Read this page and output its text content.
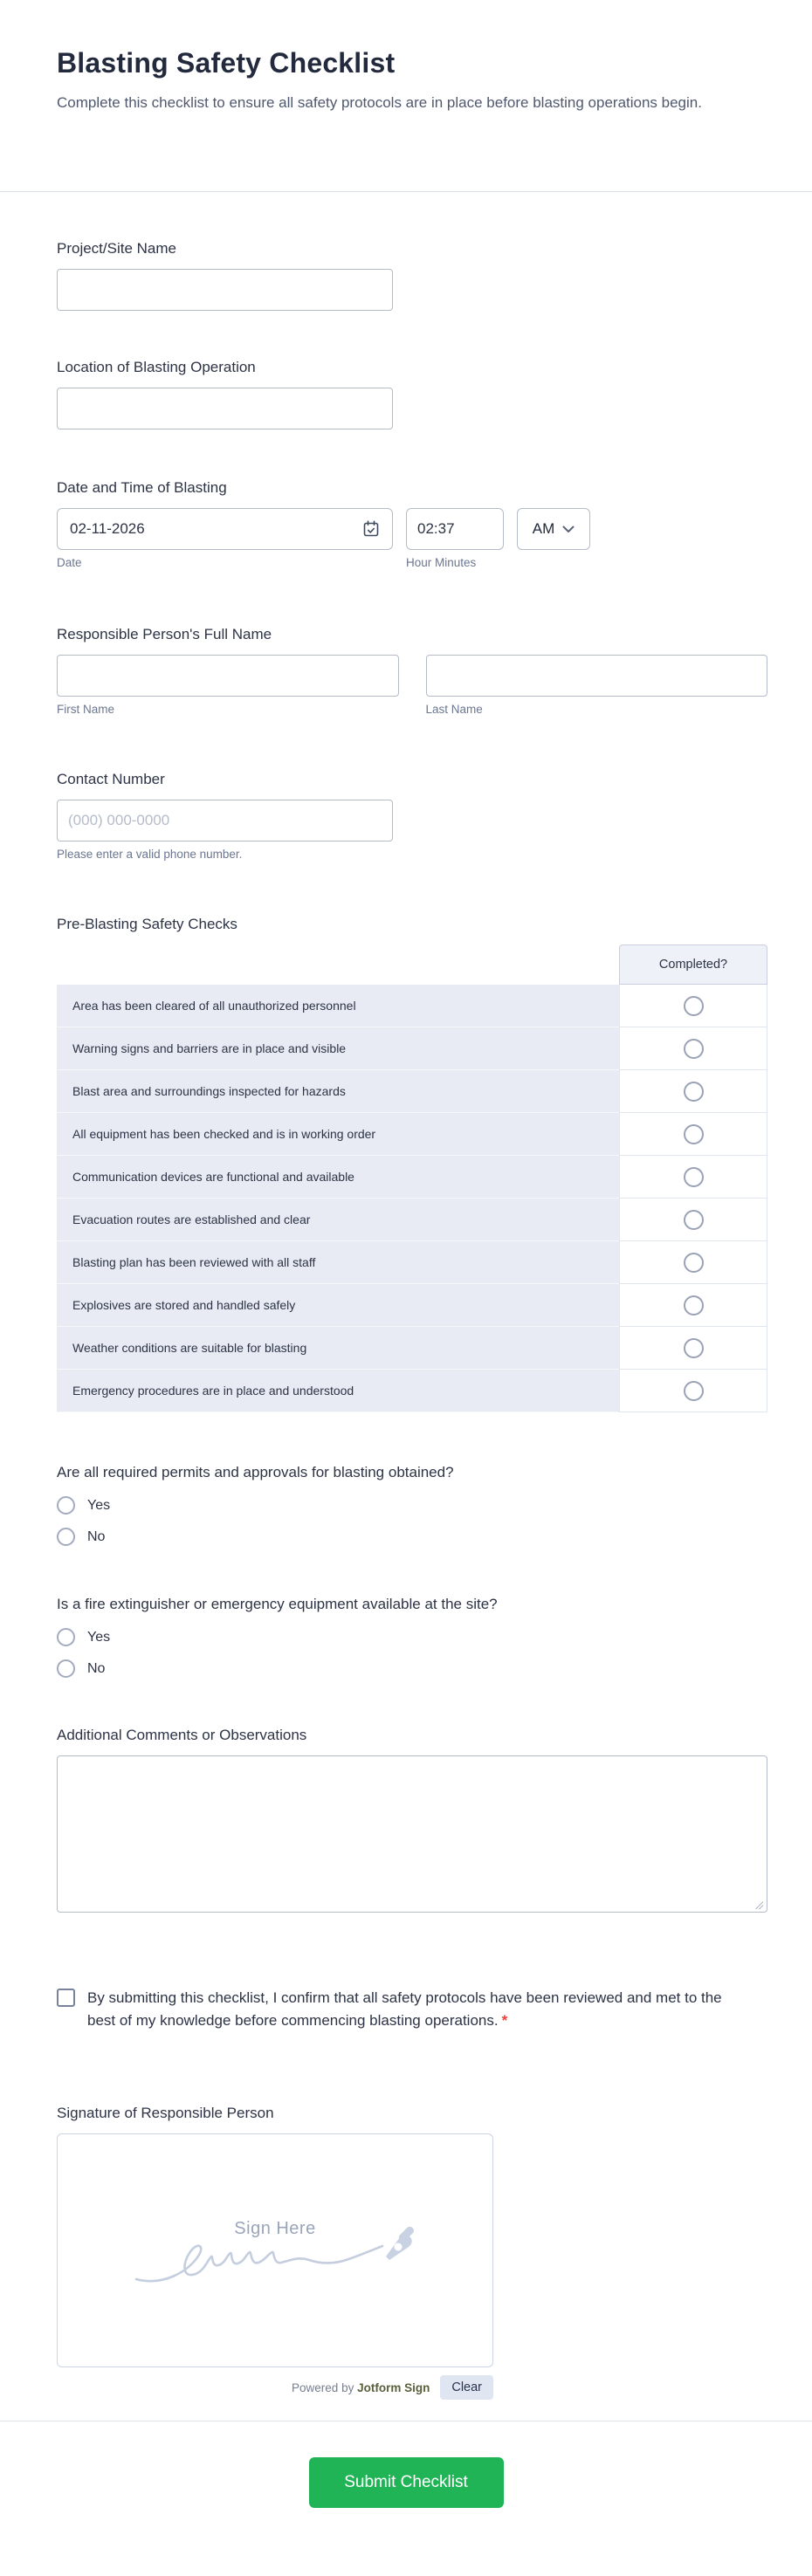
Blasting Safety Checklist

Complete this checklist to ensure all safety protocols are in place before blasting operations begin.

Project/Site Name
Location of Blasting Operation
Date and Time of Blasting
02-11-2026
Date
02:37	Hour Minutes
AM
Responsible Person's Full Name
First Name	Last Name
Contact Number
(000) 000-0000
Please enter a valid phone number.
Pre-Blasting Safety Checks
Completed?
Area has been cleared of all unauthorized personnel
Warning signs and barriers are in place and visible
Blast area and surroundings inspected for hazards
All equipment has been checked and is in working order
Communication devices are functional and available
Evacuation routes are established and clear
Blasting plan has been reviewed with all staff
Explosives are stored and handled safely
Weather conditions are suitable for blasting
Emergency procedures are in place and understood
Are all required permits and approvals for blasting obtained?
Yes
No
Is a fire extinguisher or emergency equipment available at the site?
Yes
No
Additional Comments or Observations
By submitting this checklist, I confirm that all safety protocols have been reviewed and met to the best of my knowledge before commencing blasting operations. *
Signature of Responsible Person
Sign Here
Powered by Jotform Sign	Clear
Submit Checklist
